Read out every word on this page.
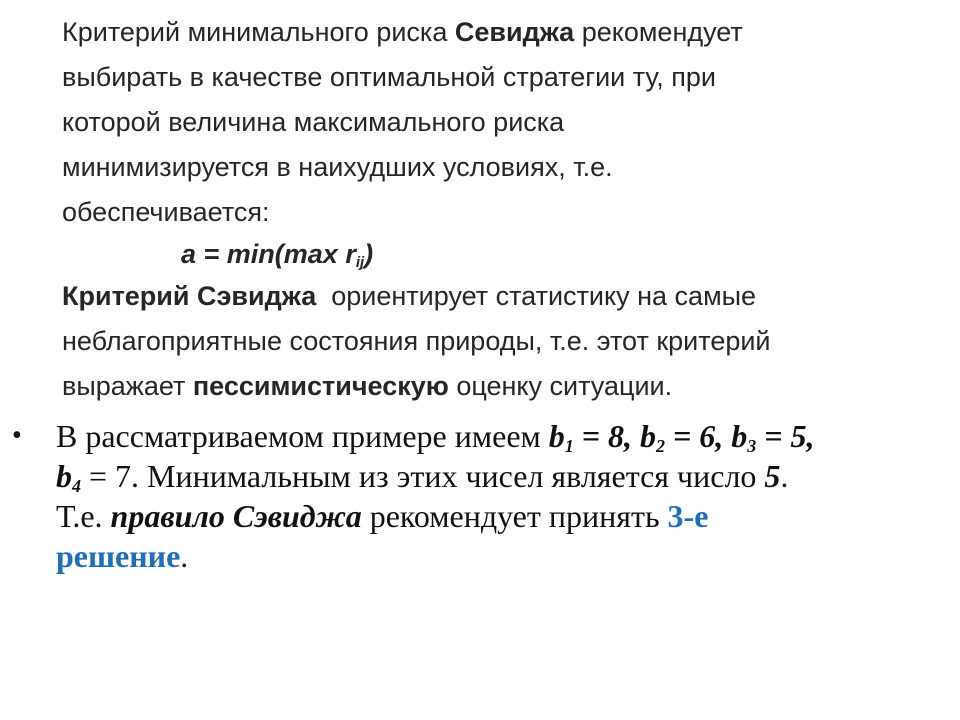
Критерий минимального риска Севиджа рекомендует
выбирать в качестве оптимальной стратегии ту, при
которой величина максимального риска
минимизируется в наихудших условиях, т.е.
обеспечивается:
a = min(max $r_{ij}$)
Критерий Сэвиджа  ориентирует статистику на самые
неблагоприятные состояния природы, т.е. этот критерий
выражает пессимистическую оценку ситуации.
• В рассматриваемом примере имеем $b_1 = 8$, $b_2 = 6$, $b_3 = 5$,
$b_4 = 7$. Минимальным из этих чисел является число 5.
Т.е. правило Сэвиджа рекомендует принять 3-е
решение.
